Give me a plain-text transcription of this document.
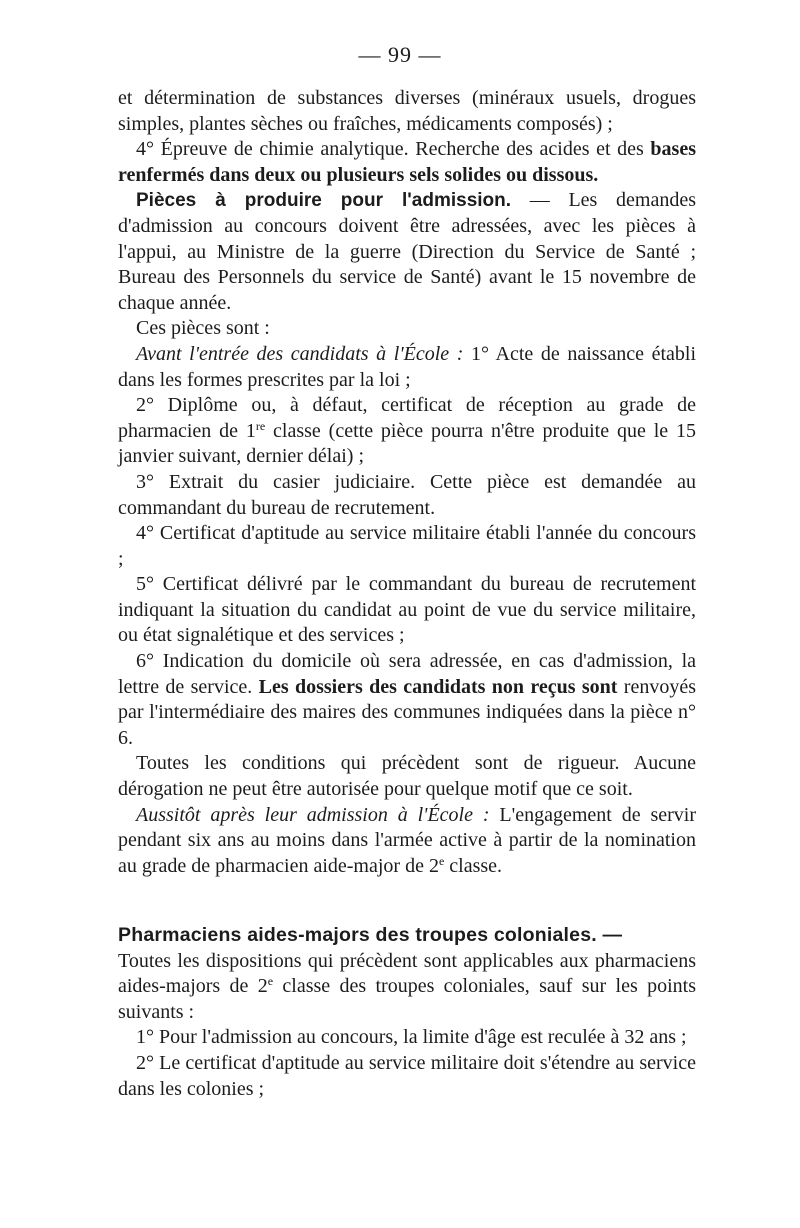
— 99 —

et détermination de substances diverses (minéraux usuels, drogues simples, plantes sèches ou fraîches, médicaments composés) ;

4° Épreuve de chimie analytique. Recherche des acides et des bases renfermés dans deux ou plusieurs sels solides ou dissous.

Pièces à produire pour l'admission. — Les demandes d'admission au concours doivent être adressées, avec les pièces à l'appui, au Ministre de la guerre (Direction du Service de Santé ; Bureau des Personnels du service de Santé) avant le 15 novembre de chaque année.

Ces pièces sont :

Avant l'entrée des candidats à l'École : 1° Acte de naissance établi dans les formes prescrites par la loi ;

2° Diplôme ou, à défaut, certificat de réception au grade de pharmacien de 1re classe (cette pièce pourra n'être produite que le 15 janvier suivant, dernier délai) ;

3° Extrait du casier judiciaire. Cette pièce est demandée au commandant du bureau de recrutement.

4° Certificat d'aptitude au service militaire établi l'année du concours ;

5° Certificat délivré par le commandant du bureau de recrutement indiquant la situation du candidat au point de vue du service militaire, ou état signalétique et des services ;

6° Indication du domicile où sera adressée, en cas d'admission, la lettre de service. Les dossiers des candidats non reçus sont renvoyés par l'intermédiaire des maires des communes indiquées dans la pièce n° 6.

Toutes les conditions qui précèdent sont de rigueur. Aucune dérogation ne peut être autorisée pour quelque motif que ce soit.

Aussitôt après leur admission à l'École : L'engagement de servir pendant six ans au moins dans l'armée active à partir de la nomination au grade de pharmacien aide-major de 2e classe.

Pharmaciens aides-majors des troupes coloniales. —

Toutes les dispositions qui précèdent sont applicables aux pharmaciens aides-majors de 2e classe des troupes coloniales, sauf sur les points suivants :

1° Pour l'admission au concours, la limite d'âge est reculée à 32 ans ;

2° Le certificat d'aptitude au service militaire doit s'étendre au service dans les colonies ;
